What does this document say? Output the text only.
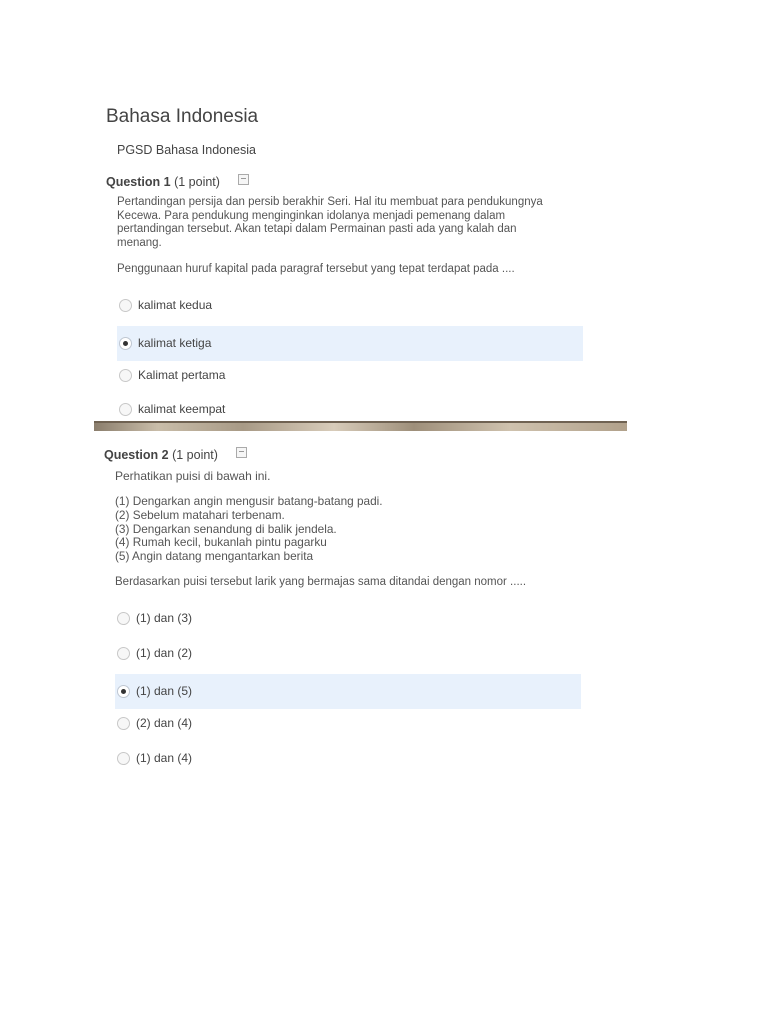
Bahasa Indonesia
PGSD Bahasa Indonesia
Question 1 (1 point)
Pertandingan persija dan persib berakhir Seri. Hal itu membuat para pendukungnya
Kecewa. Para pendukung menginginkan idolanya menjadi pemenang dalam
pertandingan tersebut. Akan tetapi dalam Permainan pasti ada yang kalah dan
menang.
Penggunaan huruf kapital pada paragraf tersebut yang tepat terdapat pada ....
kalimat kedua
kalimat ketiga
Kalimat pertama
kalimat keempat
Question 2 (1 point)
Perhatikan puisi di bawah ini.
(1) Dengarkan angin mengusir batang-batang padi.
(2) Sebelum matahari terbenam.
(3) Dengarkan senandung di balik jendela.
(4) Rumah kecil, bukanlah pintu pagarku
(5) Angin datang mengantarkan berita
Berdasarkan puisi tersebut larik yang bermajas sama ditandai dengan nomor .....
(1) dan (3)
(1) dan (2)
(1) dan (5)
(2) dan (4)
(1) dan (4)
